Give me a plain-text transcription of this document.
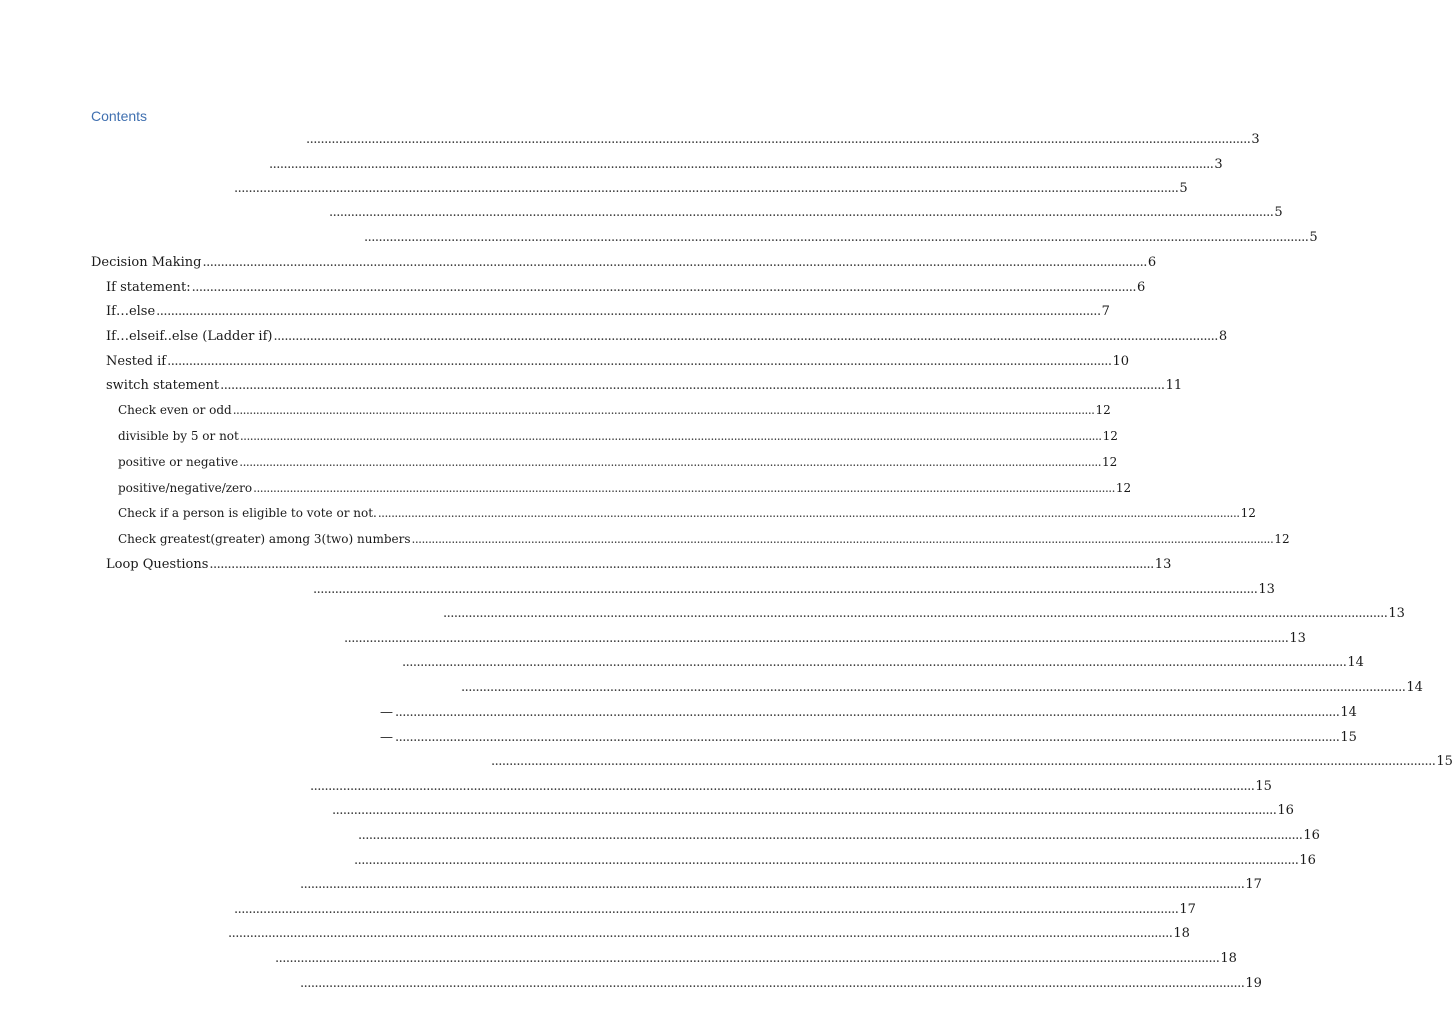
Contents
.................................................................................................................................................................................................................................................................... 3
.................................................................................................................................................................................................................................................................... 3
.................................................................................................................................................................................................................................................................... 5
.................................................................................................................................................................................................................................................................... 5
.................................................................................................................................................................................................................................................................... 5
Decision Making .................................................................................................................................................................................................................................................................... 6
If statement: .................................................................................................................................................................................................................................................................... 6
If…else .................................................................................................................................................................................................................................................................... 7
If…elseif..else (Ladder if) .................................................................................................................................................................................................................................................................... 8
Nested if .................................................................................................................................................................................................................................................................... 10
switch statement .................................................................................................................................................................................................................................................................... 11
Check even or odd .................................................................................................................................................................................................................................................................... 12
divisible by 5 or not .................................................................................................................................................................................................................................................................... 12
positive or negative .................................................................................................................................................................................................................................................................... 12
positive/negative/zero .................................................................................................................................................................................................................................................................... 12
Check if a person is eligible to vote or not. .................................................................................................................................................................................................................................................................... 12
Check greatest(greater) among 3(two) numbers .................................................................................................................................................................................................................................................................... 12
Loop Questions .................................................................................................................................................................................................................................................................... 13
.................................................................................................................................................................................................................................................................... 13
.................................................................................................................................................................................................................................................................... 13
.................................................................................................................................................................................................................................................................... 13
.................................................................................................................................................................................................................................................................... 14
.................................................................................................................................................................................................................................................................... 14
— .................................................................................................................................................................................................................................................................... 14
— .................................................................................................................................................................................................................................................................... 15
.................................................................................................................................................................................................................................................................... 15
.................................................................................................................................................................................................................................................................... 15
.................................................................................................................................................................................................................................................................... 16
.................................................................................................................................................................................................................................................................... 16
.................................................................................................................................................................................................................................................................... 16
.................................................................................................................................................................................................................................................................... 17
.................................................................................................................................................................................................................................................................... 17
.................................................................................................................................................................................................................................................................... 18
.................................................................................................................................................................................................................................................................... 18
.................................................................................................................................................................................................................................................................... 19
